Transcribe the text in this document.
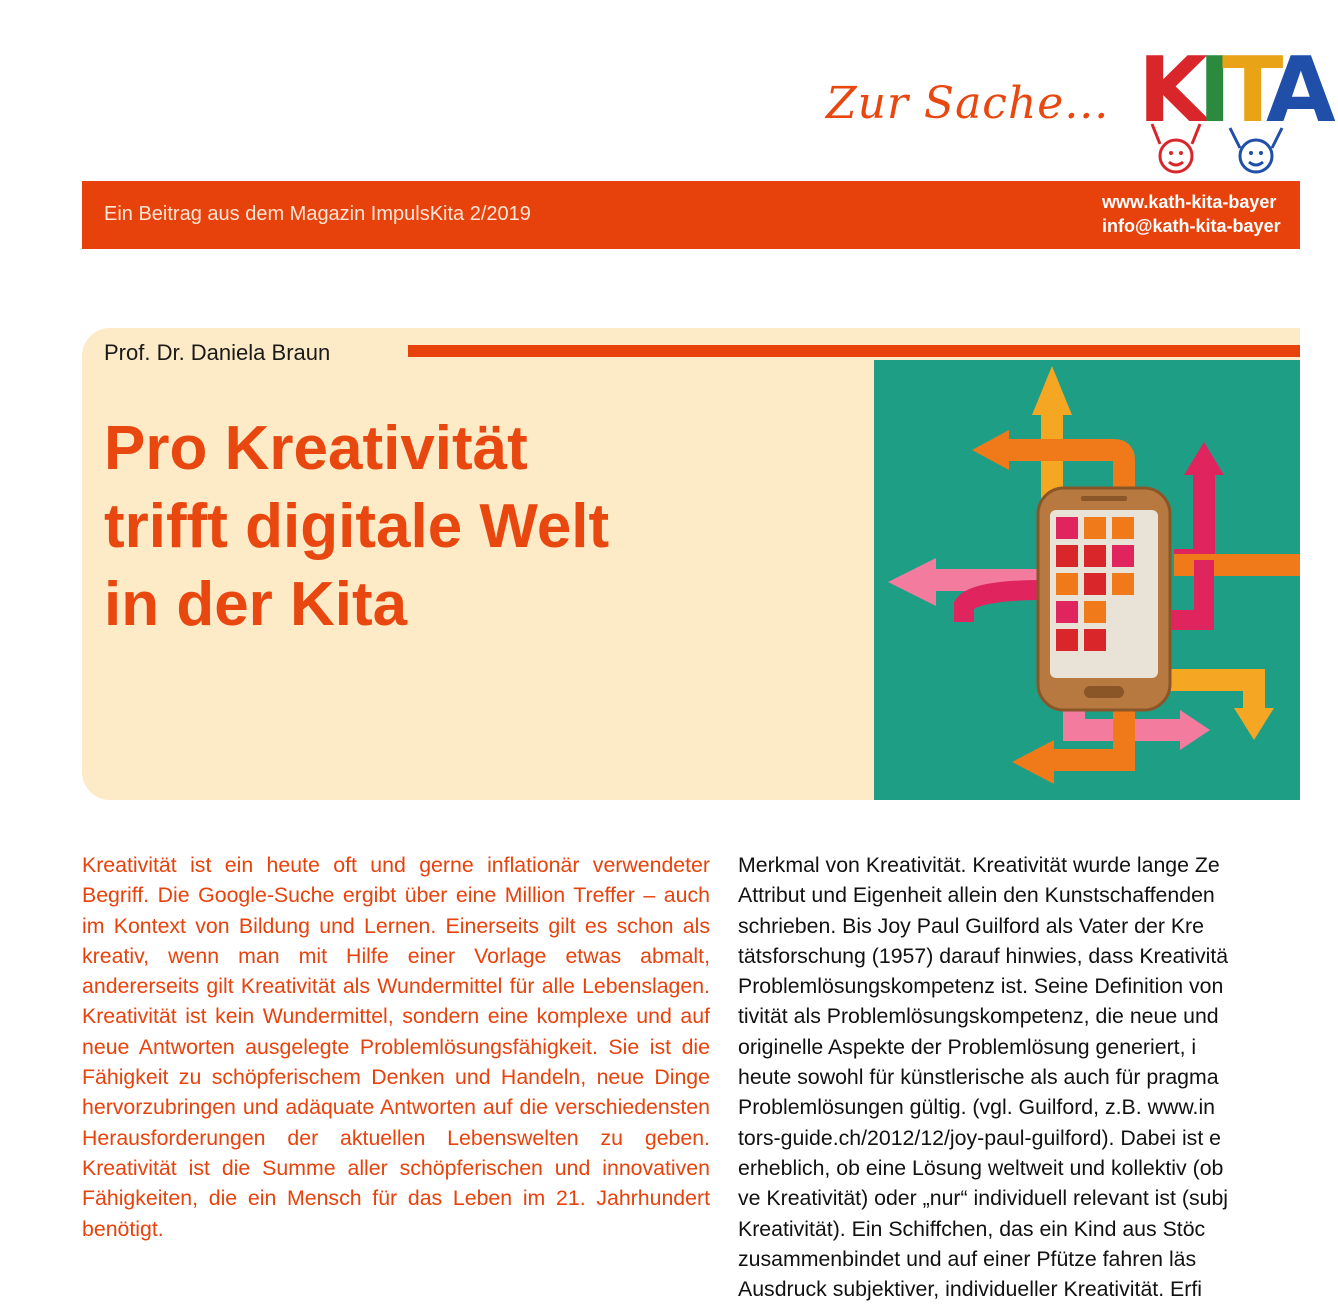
Zur Sache... K
I
T
A
Ein Beitrag aus dem Magazin ImpulsKita 2/2019
www.kath-kita-bayer
info@kath-kita-bayer
Prof. Dr. Daniela Braun
Pro Kreativität
trifft digitale Welt
in der Kita

Kreativität ist ein heute oft und gerne inflationär verwendeter Begriff. Die Google-Suche ergibt über eine Million Treffer – auch im Kontext von Bildung und Lernen. Einerseits gilt es schon als kreativ, wenn man mit Hilfe einer Vorlage etwas abmalt, andererseits gilt Kreativität als Wundermittel für alle Lebenslagen. Kreativität ist kein Wundermittel, sondern eine komplexe und auf neue Antworten ausgelegte Problemlösungsfähigkeit. Sie ist die Fähigkeit zu schöpferischem Denken und Handeln, neue Dinge hervorzubringen und adäquate Antworten auf die verschiedensten Herausforderungen der aktuellen Lebenswelten zu geben. Kreativität ist die Summe aller schöpferischen und innovativen Fähigkeiten, die ein Mensch für das Leben im 21. Jahrhundert benötigt.

Merkmal von Kreativität. Kreativität wurde lange Ze
Attribut und Eigenheit allein den Kunstschaffenden
schrieben. Bis Joy Paul Guilford als Vater der Kre
tätsforschung (1957) darauf hinwies, dass Kreativitä
Problemlösungskompetenz ist. Seine Definition von
tivität als Problemlösungskompetenz, die neue und
originelle Aspekte der Problemlösung generiert, i
heute sowohl für künstlerische als auch für pragma
Problemlösungen gültig. (vgl. Guilford, z.B. www.in
tors-guide.ch/2012/12/joy-paul-guilford). Dabei ist e
erheblich, ob eine Lösung weltweit und kollektiv (ob
ve Kreativität) oder „nur“ individuell relevant ist (subj
Kreativität). Ein Schiffchen, das ein Kind aus Stöc
zusammenbindet und auf einer Pfütze fahren läs
Ausdruck subjektiver, individueller Kreativität. Erfi
